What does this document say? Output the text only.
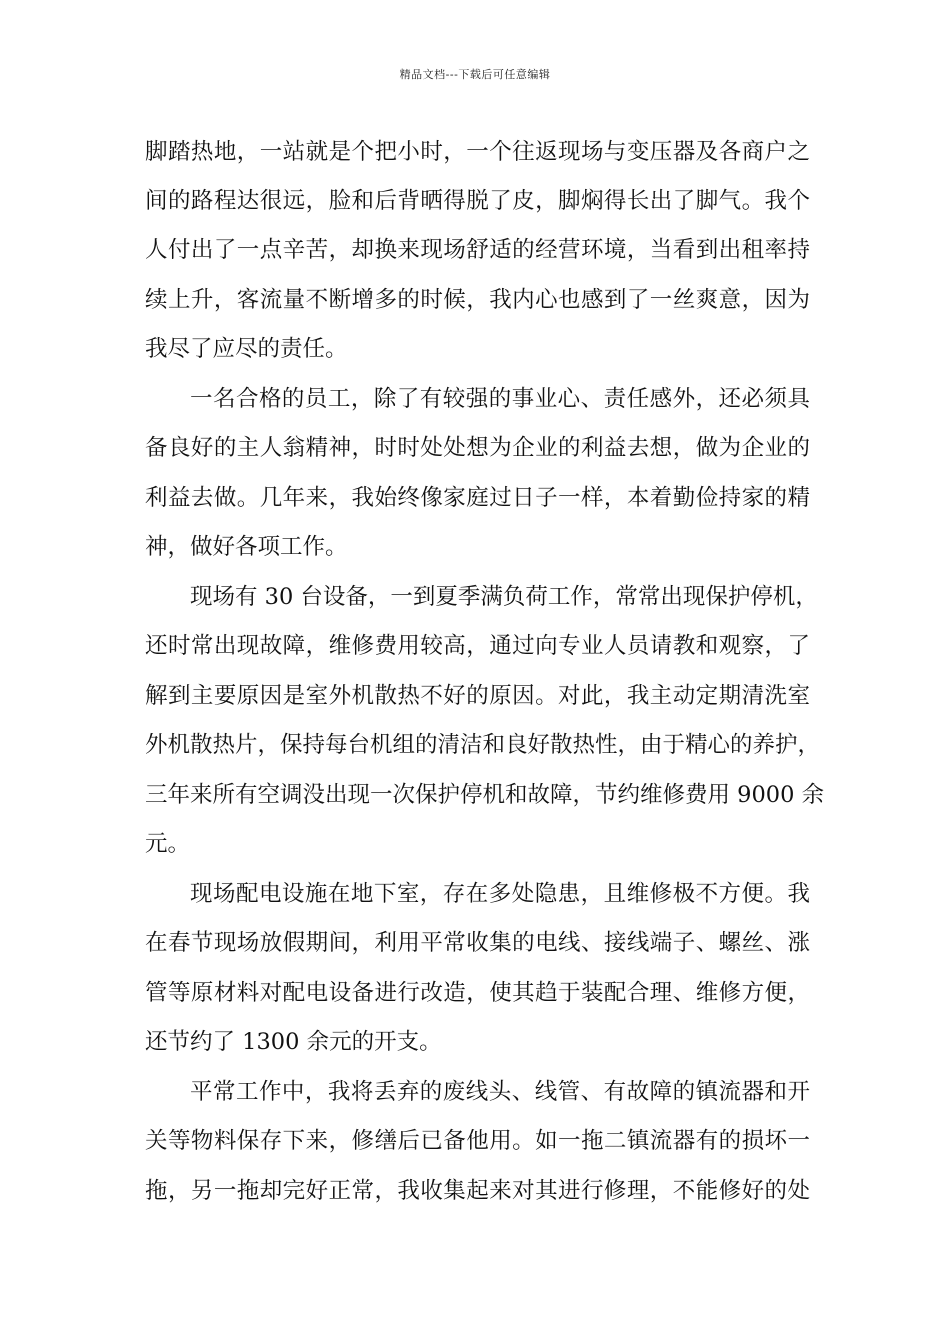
精品文档---下载后可任意编辑
脚踏热地，一站就是个把小时，一个往返现场与变压器及各商户之
间的路程达很远，脸和后背晒得脱了皮，脚焖得长出了脚气。我个
人付出了一点辛苦，却换来现场舒适的经营环境，当看到出租率持
续上升，客流量不断增多的时候，我内心也感到了一丝爽意，因为
我尽了应尽的责任。
一名合格的员工，除了有较强的事业心、责任感外，还必须具
备良好的主人翁精神，时时处处想为企业的利益去想，做为企业的
利益去做。几年来，我始终像家庭过日子一样，本着勤俭持家的精
神，做好各项工作。
现场有 30 台设备，一到夏季满负荷工作，常常出现保护停机，
还时常出现故障，维修费用较高，通过向专业人员请教和观察，了
解到主要原因是室外机散热不好的原因。对此，我主动定期清洗室
外机散热片，保持每台机组的清洁和良好散热性，由于精心的养护，
三年来所有空调没出现一次保护停机和故障，节约维修费用 9000 余
元。
现场配电设施在地下室，存在多处隐患，且维修极不方便。我
在春节现场放假期间，利用平常收集的电线、接线端子、螺丝、涨
管等原材料对配电设备进行改造，使其趋于装配合理、维修方便，
还节约了 1300 余元的开支。
平常工作中，我将丢弃的废线头、线管、有故障的镇流器和开
关等物料保存下来，修缮后已备他用。如一拖二镇流器有的损坏一
拖，另一拖却完好正常，我收集起来对其进行修理，不能修好的处
